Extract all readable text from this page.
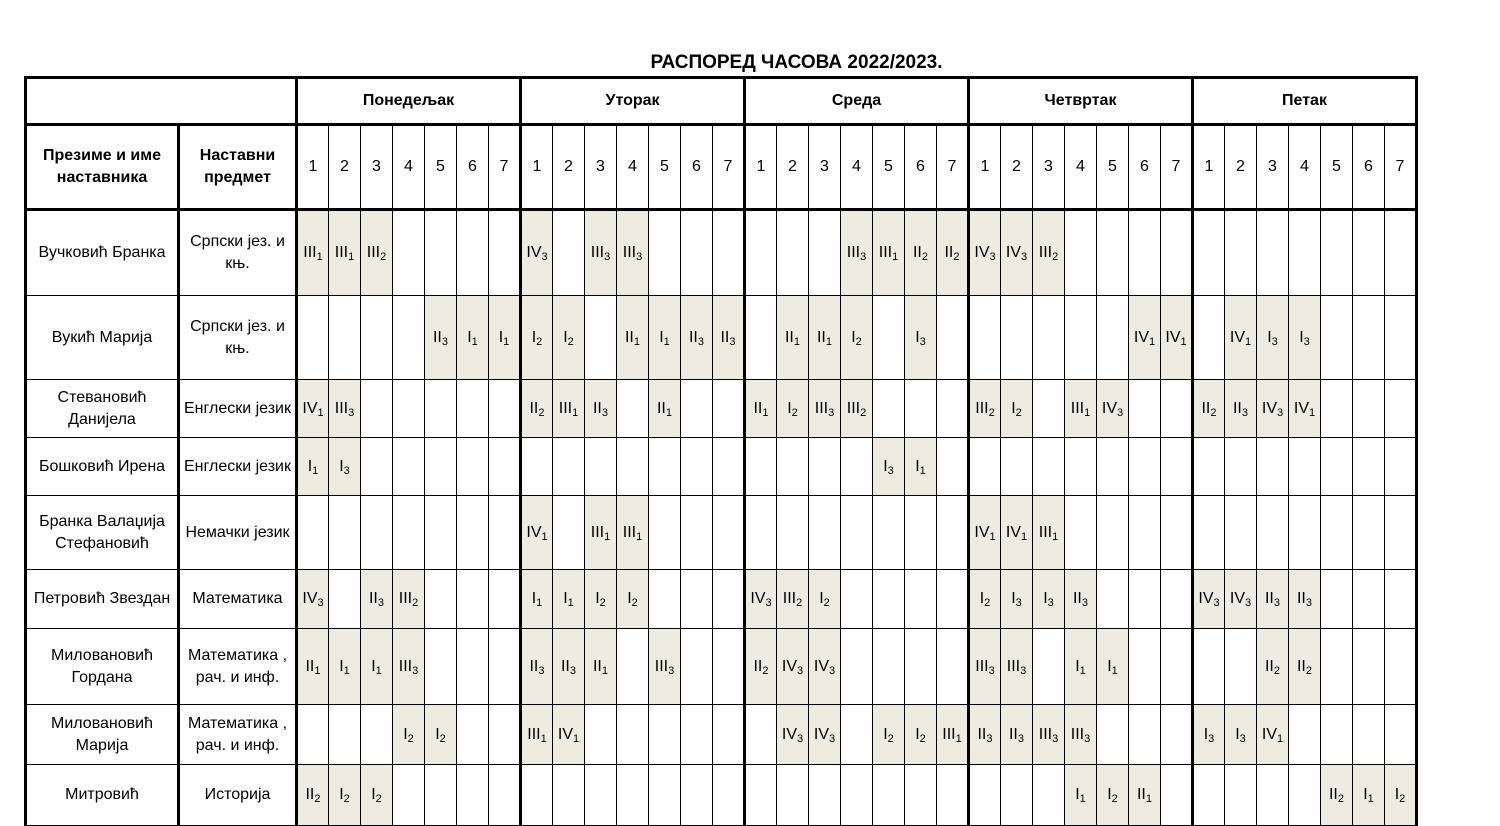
РАСПОРЕД ЧАСОВА 2022/2023.
		Понедељак							Уторак							Среда							Четвртак							Петак						
Презиме и име наставника	Наставни предмет	1	2	3	4	5	6	7	1	2	3	4	5	6	7	1	2	3	4	5	6	7	1	2	3	4	5	6	7	1	2	3	4	5	6	7
Вучковић Бранка	Српски јез. и књ.	$III_1$	$III_1$	$III_2$					$IV_3$		$III_3$	$III_3$							$III_3$	$III_1$	$II_2$	$II_2$	$IV_3$	$IV_3$	$III_2$											
Вукић Марија	Српски јез. и књ.					$II_3$	$I_1$	$I_1$	$I_2$	$I_2$		$II_1$	$I_1$	$II_3$	$II_3$		$II_1$	$II_1$	$I_2$		$I_3$							$IV_1$	$IV_1$		$IV_1$	$I_3$	$I_3$			
Стевановић Данијела	Енглески језик	$IV_1$	$III_3$						$II_2$	$III_1$	$II_3$		$II_1$			$II_1$	$I_2$	$III_3$	$III_2$				$III_2$	$I_2$		$III_1$	$IV_3$			$II_2$	$II_3$	$IV_3$	$IV_1$			
Бошковић Ирена	Енглески језик	$I_1$	$I_3$																	$I_3$	$I_1$															
Бранка Валаџија Стефановић	Немачки језик								$IV_1$		$III_1$	$III_1$											$IV_1$	$IV_1$	$III_1$											
Петровић Звездан	Математика	$IV_3$		$II_3$	$III_2$				$I_1$	$I_1$	$I_2$	$I_2$				$IV_3$	$III_2$	$I_2$					$I_2$	$I_3$	$I_3$	$II_3$				$IV_3$	$IV_3$	$II_3$	$II_3$			
Миловановић Гордана	Математика , рач. и инф.	$II_1$	$I_1$	$I_1$	$III_3$				$II_3$	$II_3$	$II_1$		$III_3$			$II_2$	$IV_3$	$IV_3$					$III_3$	$III_3$		$I_1$	$I_1$					$II_2$	$II_2$			
Миловановић Марија	Математика , рач. и инф.				$I_2$	$I_2$			$III_1$	$IV_1$							$IV_3$	$IV_3$		$I_2$	$I_2$	$III_1$	$II_3$	$II_3$	$III_3$	$III_3$				$I_3$	$I_3$	$IV_1$				
Митровић	Историја	$II_2$	$I_2$	$I_2$																						$I_1$	$I_2$	$II_1$						$II_2$	$I_1$	$I_2$
